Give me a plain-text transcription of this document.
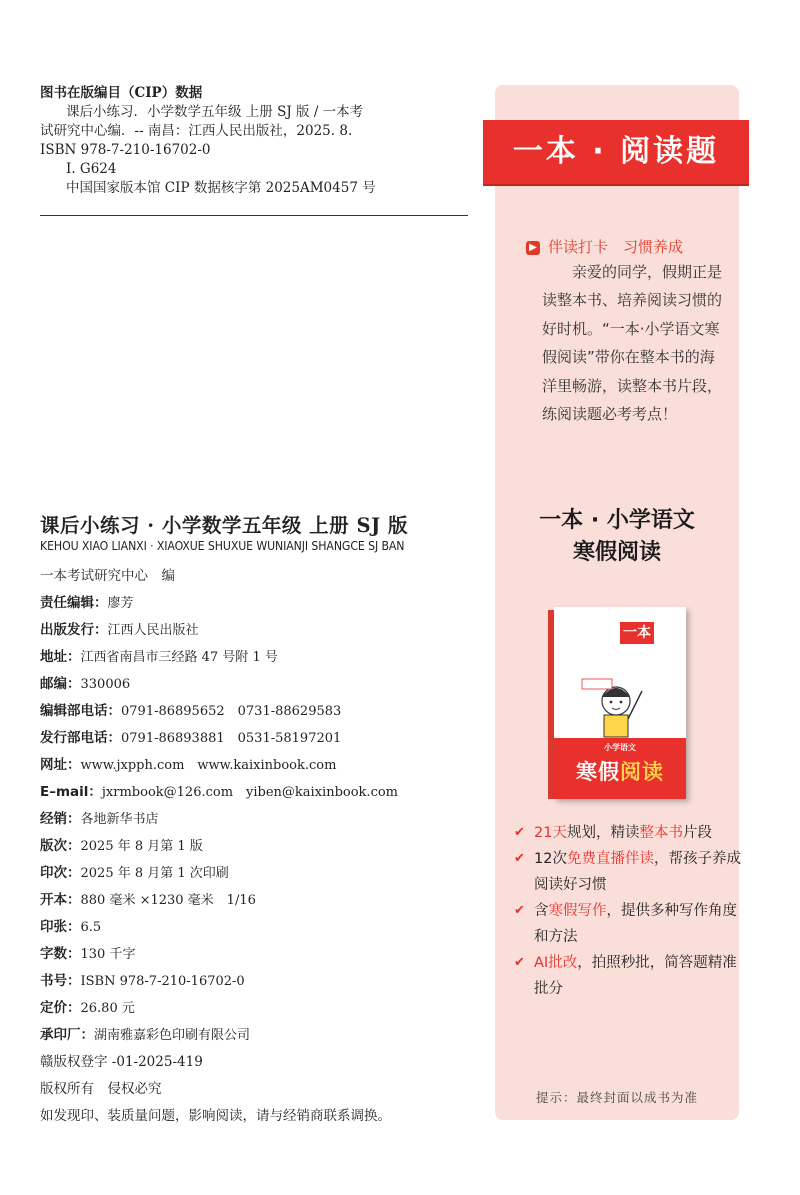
图书在版编目（CIP）数据
课后小练习．小学数学五年级 上册 SJ 版 / 一本考
试研究中心编．-- 南昌：江西人民出版社，2025. 8.
ISBN 978-7-210-16702-0
Ⅰ. G624
中国国家版本馆 CIP 数据核字第 2025AM0457 号
课后小练习 · 小学数学五年级 上册 SJ 版
KEHOU XIAO LIANXI · XIAOXUE SHUXUE WUNIANJI SHANGCE SJ BAN
一本考试研究中心　编
责任编辑：廖芳
出版发行：江西人民出版社
地址：江西省南昌市三经路 47 号附 1 号
邮编：330006
编辑部电话：0791-86895652　0731-88629583
发行部电话：0791-86893881　0531-58197201
网址：www.jxpph.com　www.kaixinbook.com
E–mail：jxrmbook@126.com　yiben@kaixinbook.com
经销：各地新华书店
版次：2025 年 8 月第 1 版
印次：2025 年 8 月第 1 次印刷
开本：880 毫米 ×1230 毫米　1/16
印张：6.5
字数：130 千字
书号：ISBN 978-7-210-16702-0
定价：26.80 元
承印厂：湖南雅嘉彩色印刷有限公司
赣版权登字 -01-2025-419
版权所有　侵权必究
如发现印、装质量问题，影响阅读，请与经销商联系调换。
一本 · 阅读题
▶ 伴读打卡　习惯养成

亲爱的同学，假期正是读整本书、培养阅读习惯的好时机。“一本·小学语文寒假阅读”带你在整本书的海洋里畅游，读整本书片段，练阅读题必考考点！

一本 · 小学语文
寒假阅读
一本
小学语文
寒假阅读
✔ 21天规划，精读整本书片段
✔ 12次免费直播伴读，帮孩子养成阅读好习惯
✔ 含寒假写作，提供多种写作角度和方法
✔ AI批改，拍照秒批，简答题精准批分
提示：最终封面以成书为准
